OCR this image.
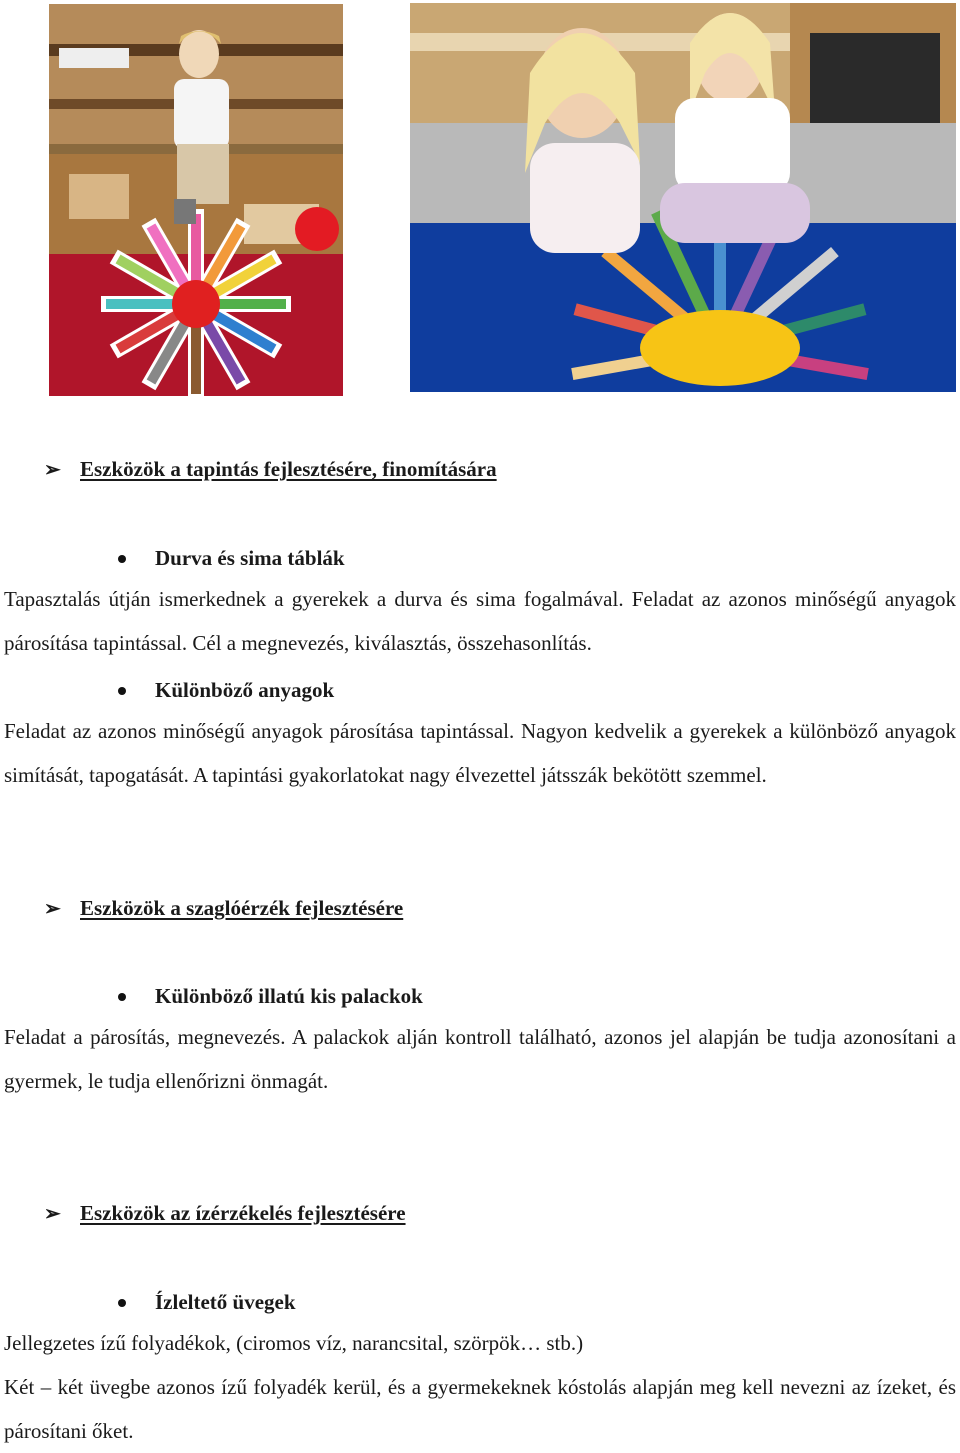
➢ Eszközök a tapintás fejlesztésére, finomítására
Durva és sima táblák

Tapasztalás útján ismerkednek a gyerekek a durva és sima fogalmával. Feladat az azonos minőségű anyagok párosítása tapintással. Cél a megnevezés, kiválasztás, összehasonlítás.

Különböző anyagok

Feladat az azonos minőségű anyagok párosítása tapintással. Nagyon kedvelik a gyerekek a különböző anyagok simítását, tapogatását. A tapintási gyakorlatokat nagy élvezettel játsszák bekötött szemmel.

➢ Eszközök a szaglóérzék fejlesztésére
Különböző illatú kis palackok

Feladat a párosítás, megnevezés. A palackok alján kontroll található, azonos jel alapján be tudja azonosítani a gyermek, le tudja ellenőrizni önmagát.

➢ Eszközök az ízérzékelés fejlesztésére
Ízleltető üvegek

Jellegzetes ízű folyadékok, (ciromos víz, narancsital, szörpök… stb.)

Két – két üvegbe azonos ízű folyadék kerül, és a gyermekeknek kóstolás alapján meg kell nevezni az ízeket, és párosítani őket.
